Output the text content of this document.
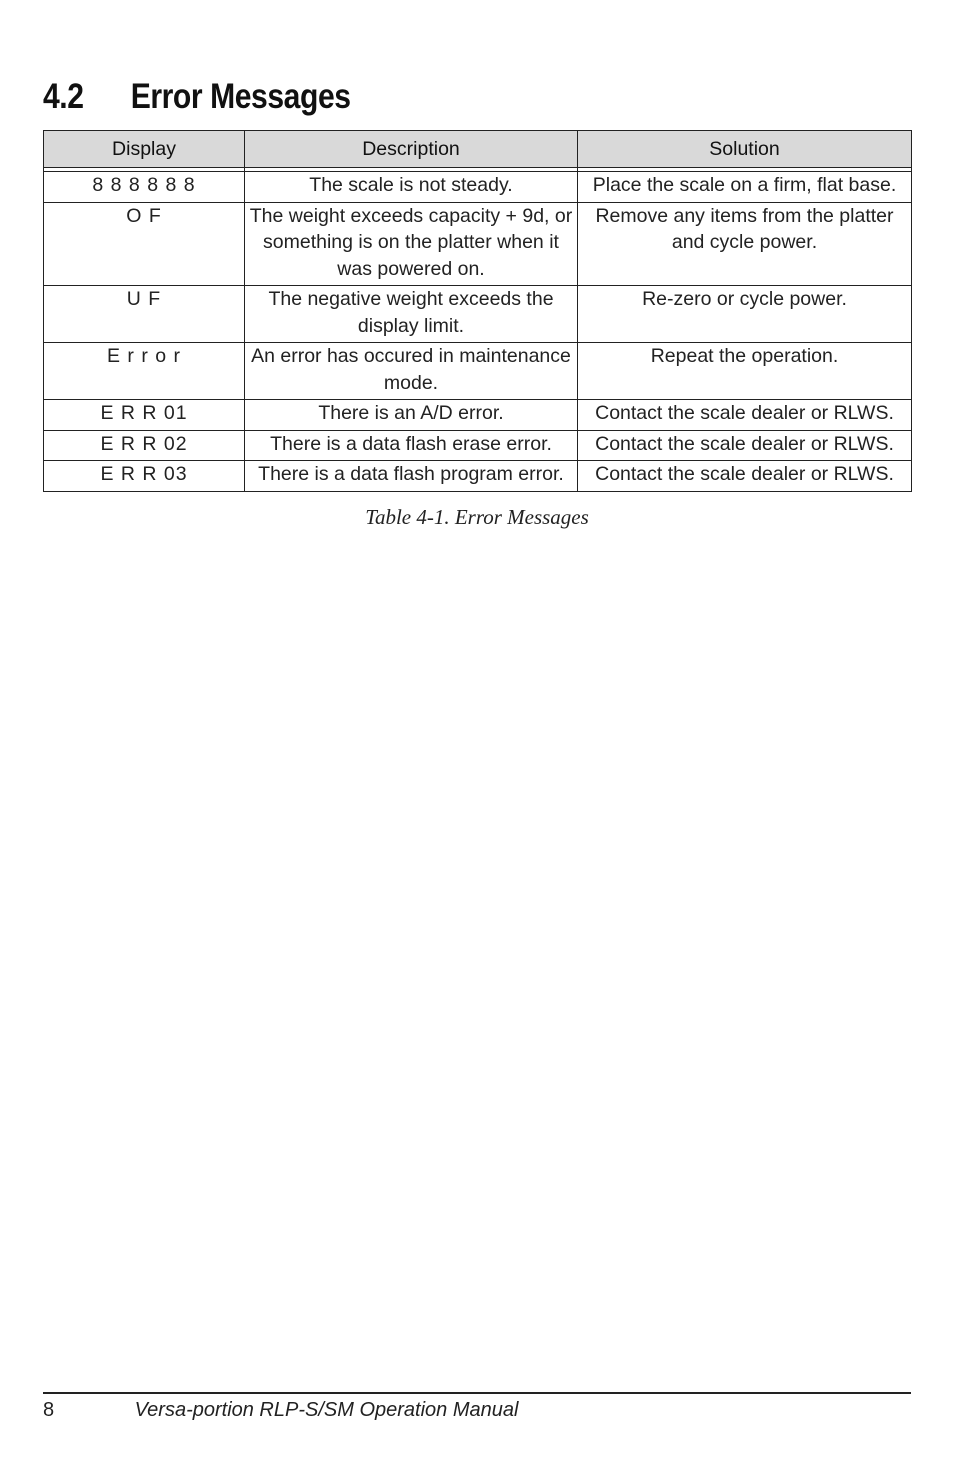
4.2	Error Messages
Display	Description	Solution

8 8 8 8 8 8	The scale is not steady.	Place the scale on a firm, flat base.
O F	The weight exceeds capacity + 9d, or something is on the platter when it was powered on.	Remove any items from the platter and cycle power.
U F	The negative weight exceeds the display limit.	Re-zero or cycle power.
E r r o r	An error has occured in maintenance mode.	Repeat the operation.
E R R 01	There is an A/D error.	Contact the scale dealer or RLWS.
E R R 02	There is a data flash erase error.	Contact the scale dealer or RLWS.
E R R 03	There is a data flash program error.	Contact the scale dealer or RLWS.
Table 4-1. Error Messages
8	Versa-portion RLP-S/SM Operation Manual
